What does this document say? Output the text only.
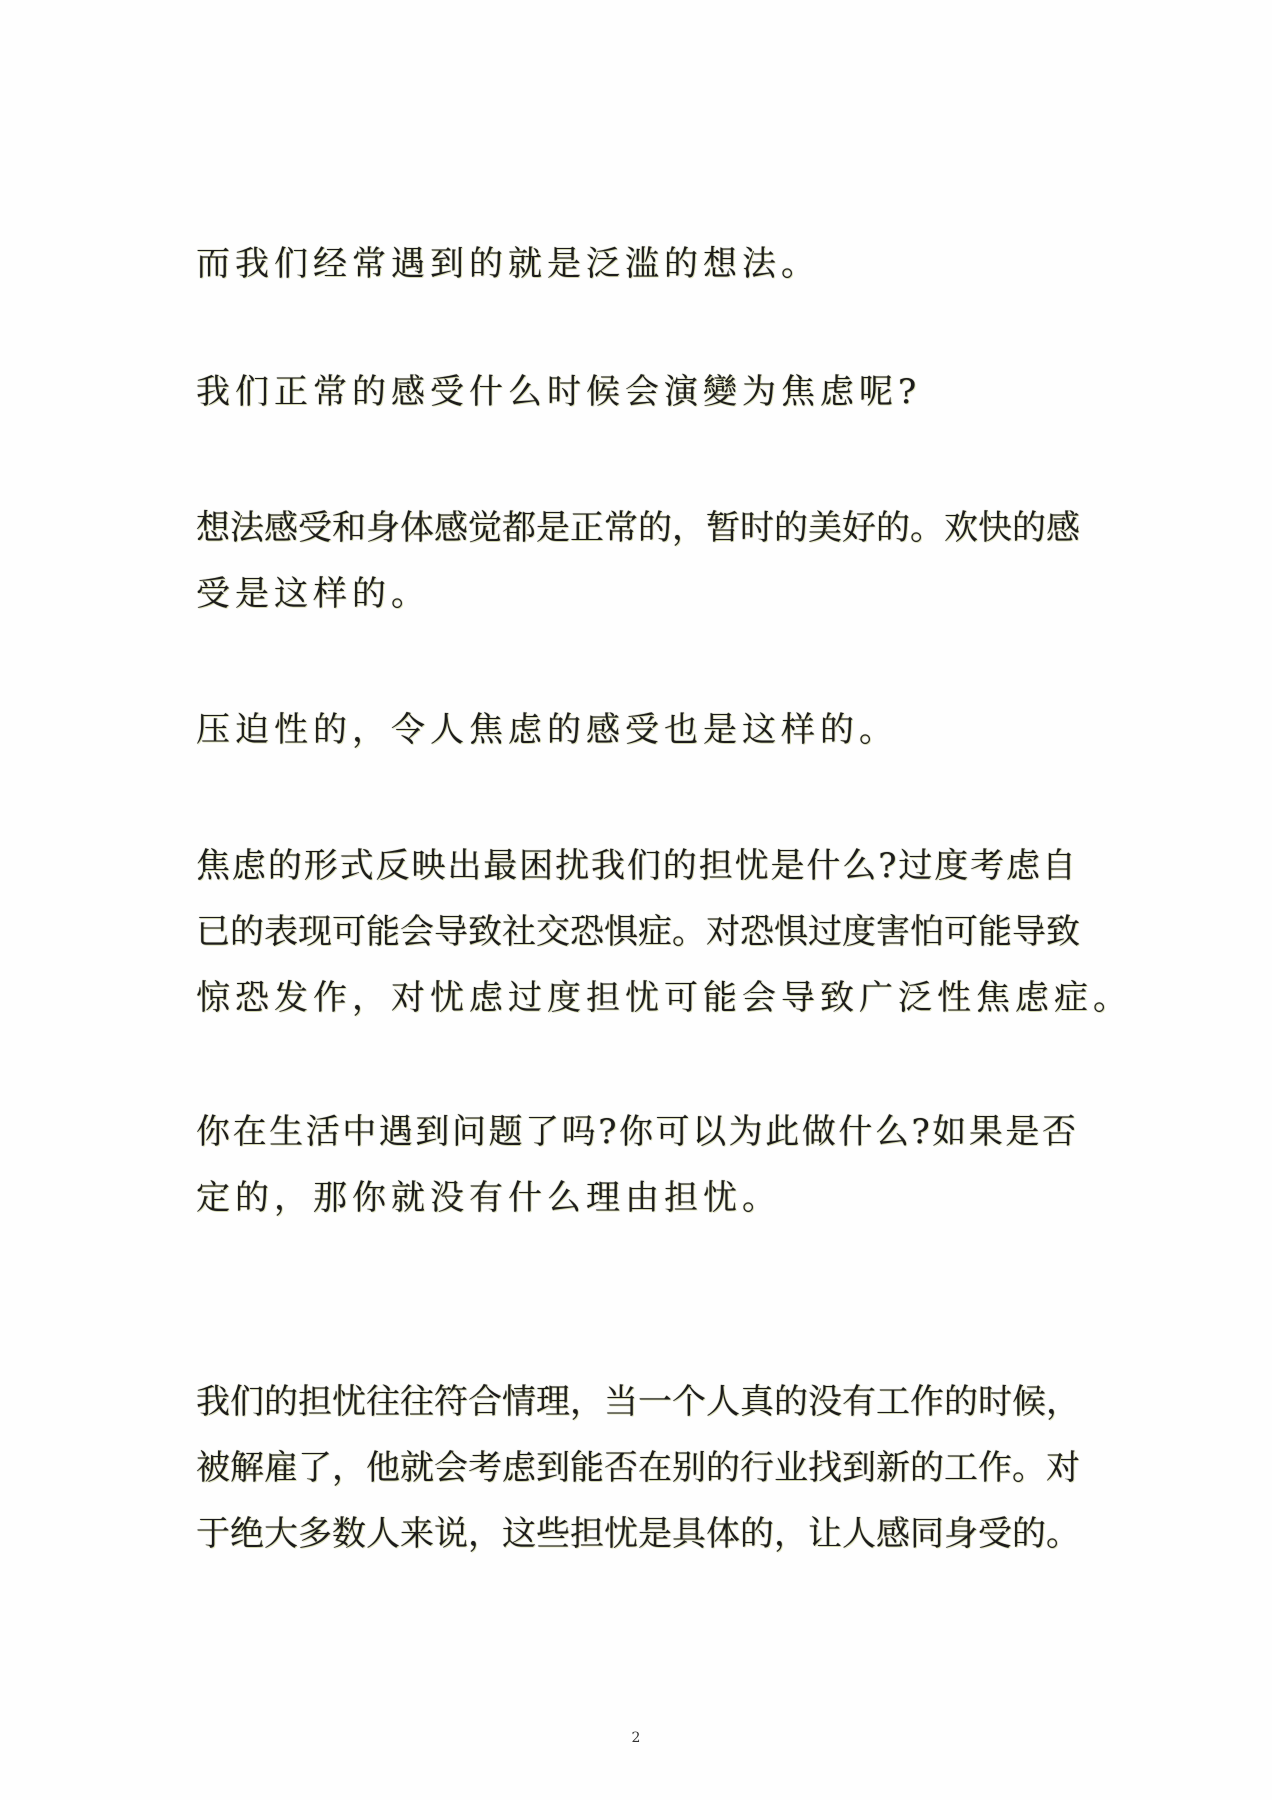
而我们经常遇到的就是泛滥的想法。

我们正常的感受什么时候会演變为焦虑呢?

想法感受和身体感觉都是正常的，暂时的美好的。欢快的感

受是这样的。

压迫性的，令人焦虑的感受也是这样的。

焦虑的形式反映出最困扰我们的担忧是什么?过度考虑自

已的表现可能会导致社交恐惧症。对恐惧过度害怕可能导致

惊恐发作，对忧虑过度担忧可能会导致广泛性焦虑症。

你在生活中遇到问题了吗?你可以为此做什么?如果是否

定的，那你就没有什么理由担忧。

我们的担忧往往符合情理，当一个人真的没有工作的时候，

被解雇了，他就会考虑到能否在别的行业找到新的工作。对

于绝大多数人来说，这些担忧是具体的，让人感同身受的。

2
